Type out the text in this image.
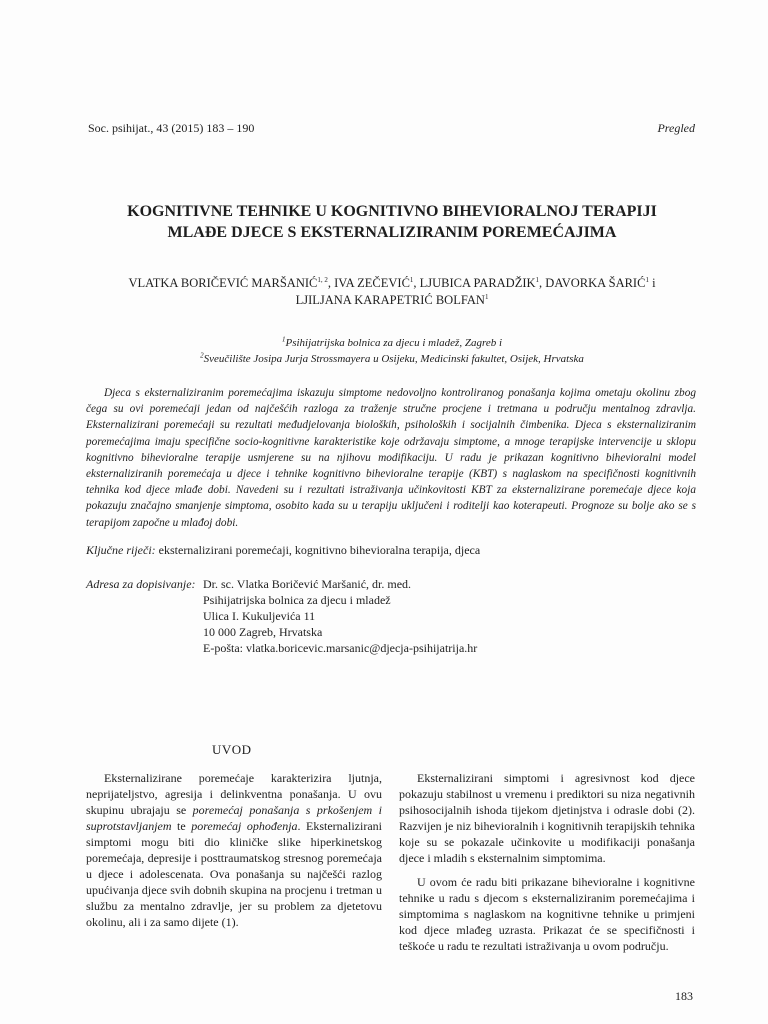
Soc. psihijat., 43 (2015) 183 – 190	Pregled
KOGNITIVNE TEHNIKE U KOGNITIVNO BIHEVIORALNOJ TERAPIJI
MLAĐE DJECE S EKSTERNALIZIRANIM POREMEĆAJIMA
VLATKA BORIČEVIĆ MARŠANIĆ$^{1, 2}$, IVA ZEČEVIĆ$^1$, LJUBICA PARADŽIK$^1$, DAVORKA ŠARIĆ$^1$ i
LJILJANA KARAPETRIĆ BOLFAN$^1$
$^1$Psihijatrijska bolnica za djecu i mladež, Zagreb i
$^2$Sveučilište Josipa Jurja Strossmayera u Osijeku, Medicinski fakultet, Osijek, Hrvatska

Djeca s eksternaliziranim poremećajima iskazuju simptome nedovoljno kontroliranog ponašanja kojima ometaju okolinu zbog čega su ovi poremećaji jedan od najčešćih razloga za traženje stručne procjene i tretmana u području mentalnog zdravlja. Eksternalizirani poremećaji su rezultati međudjelovanja bioloških, psiholoških i socijalnih čimbenika. Djeca s eksternaliziranim poremećajima imaju specifične socio-kognitivne karakteristike koje održavaju simptome, a mnoge terapijske intervencije u sklopu kognitivno bihevioralne terapije usmjerene su na njihovu modifikaciju. U radu je prikazan kognitivno bihevioralni model eksternaliziranih poremećaja u djece i tehnike kognitivno bihevioralne terapije (KBT) s naglaskom na specifičnosti kognitivnih tehnika kod djece mlađe dobi. Navedeni su i rezultati istraživanja učinkovitosti KBT za eksternalizirane poremećaje djece koja pokazuju značajno smanjenje simptoma, osobito kada su u terapiju uključeni i roditelji kao koterapeuti. Prognoze su bolje ako se s terapijom započne u mlađoj dobi.

Ključne riječi: eksternalizirani poremećaji, kognitivno bihevioralna terapija, djeca
Adresa za dopisivanje: Dr. sc. Vlatka Boričević Maršanić, dr. med.
Psihijatrijska bolnica za djecu i mladež
Ulica I. Kukuljevića 11
10 000 Zagreb, Hrvatska
E-pošta: vlatka.boricevic.marsanic@djecja-psihijatrija.hr
UVOD

Eksternalizirane poremećaje karakterizira ljutnja, neprijateljstvo, agresija i delinkventna ponašanja. U ovu skupinu ubrajaju se poremećaj ponašanja s prkošenjem i suprotstavljanjem te poremećaj ophođenja. Eksternalizirani simptomi mogu biti dio kliničke slike hiperkinetskog poremećaja, depresije i posttraumatskog stresnog poremećaja u djece i adolescenata. Ova ponašanja su najčešći razlog upućivanja djece svih dobnih skupina na procjenu i tretman u službu za mentalno zdravlje, jer su problem za djetetovu okolinu, ali i za samo dijete (1).

Eksternalizirani simptomi i agresivnost kod djece pokazuju stabilnost u vremenu i prediktori su niza negativnih psihosocijalnih ishoda tijekom djetinjstva i odrasle dobi (2). Razvijen je niz bihevioralnih i kognitivnih terapijskih tehnika koje su se pokazale učinkovite u modifikaciji ponašanja djece i mladih s eksternalnim simptomima.

U ovom će radu biti prikazane bihevioralne i kognitivne tehnike u radu s djecom s eksternaliziranim poremećajima i simptomima s naglaskom na kognitivne tehnike u primjeni kod djece mlađeg uzrasta. Prikazat će se specifičnosti i teškoće u radu te rezultati istraživanja u ovom području.

183
